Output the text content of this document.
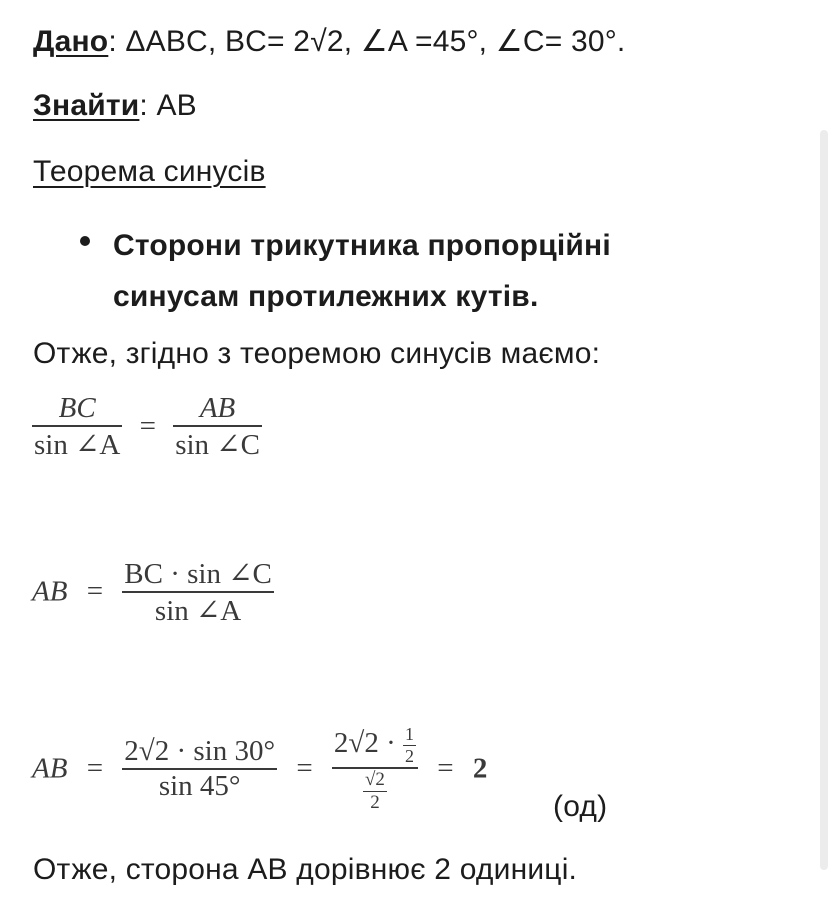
Дано: ΔABC, BC= 2√2, ∠A =45°, ∠C= 30°.
Знайти: AB
Теорема синусів
Сторони трикутника пропорційні синусам протилежних кутів.
Отже, згідно з теоремою синусів маємо:
$\frac{BC}{\sin \angle A} = \frac{AB}{\sin \angle C}$
AB = $\frac{BC \cdot \sin \angle C}{\sin \angle A}$
AB = $\frac{2√2 \cdot \sin 30^\circ}{\sin 45^\circ} = \frac{2√2 \cdot \frac{1}{2}}{\frac{√2}{2}} = 2$
(од)
Отже, сторона AB дорівнює 2 одиниці.
